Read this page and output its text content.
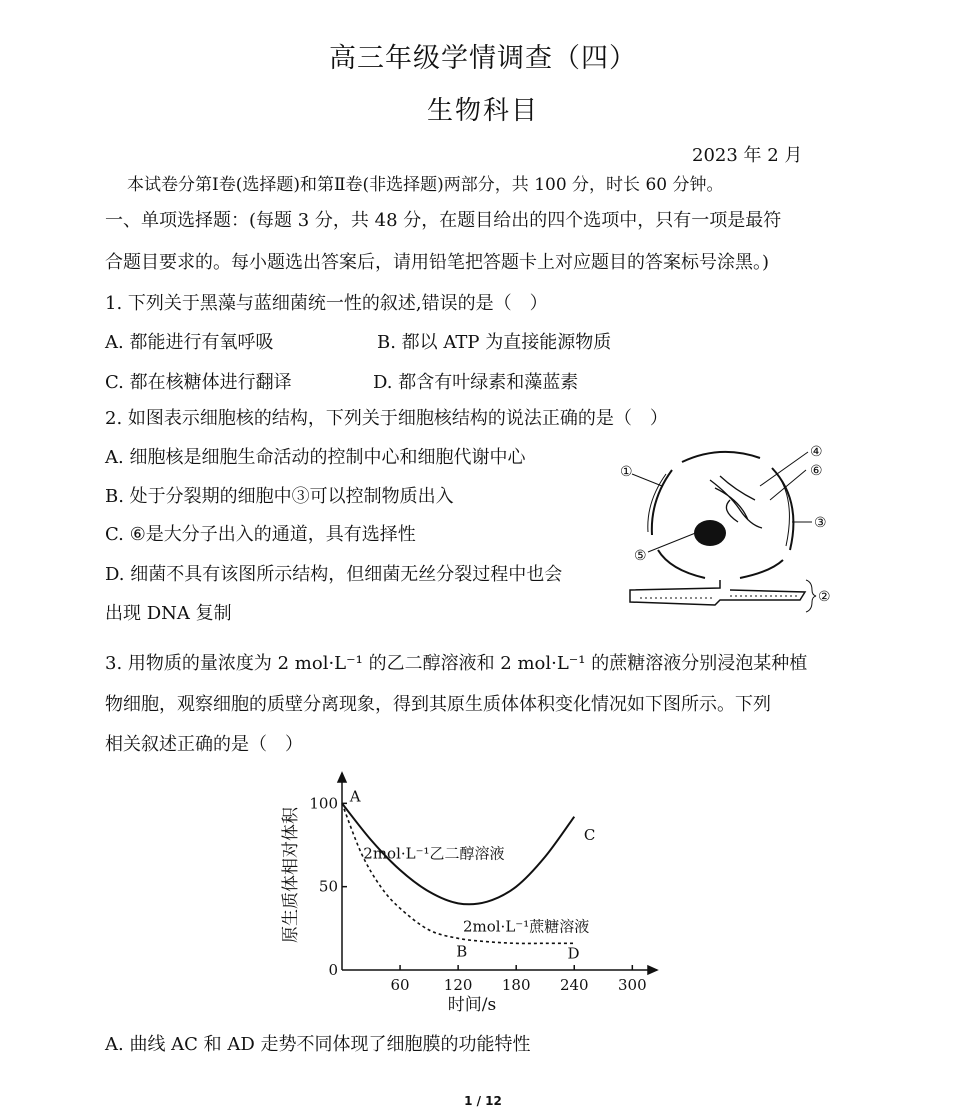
高三年级学情调查（四）
生物科目
2023 年 2 月
本试卷分第Ⅰ卷(选择题)和第Ⅱ卷(非选择题)两部分，共 100 分，时长 60 分钟。
一、单项选择题：(每题 3 分，共 48 分，在题目给出的四个选项中，只有一项是最符
合题目要求的。每小题选出答案后，请用铅笔把答题卡上对应题目的答案标号涂黑。)
1. 下列关于黑藻与蓝细菌统一性的叙述,错误的是（　）
A. 都能进行有氧呼吸	B. 都以 ATP 为直接能源物质
C. 都在核糖体进行翻译	D. 都含有叶绿素和藻蓝素
2. 如图表示细胞核的结构，下列关于细胞核结构的说法正确的是（　）
A. 细胞核是细胞生命活动的控制中心和细胞代谢中心
B. 处于分裂期的细胞中③可以控制物质出入
C. ⑥是大分子出入的通道，具有选择性
D. 细菌不具有该图所示结构，但细菌无丝分裂过程中也会
出现 DNA 复制
①
④
⑥
③
⑤
②
3. 用物质的量浓度为 2 mol·L⁻¹ 的乙二醇溶液和 2 mol·L⁻¹ 的蔗糖溶液分别浸泡某种植
物细胞，观察细胞的质壁分离现象，得到其原生质体体积变化情况如下图所示。下列
相关叙述正确的是（　）
60 120 180 240 300
0
50
100
时间/s
原生质体相对体积	2mol·L⁻¹乙二醇溶液
2mol·L⁻¹蔗糖溶液
A
B
C
D
A. 曲线 AC 和 AD 走势不同体现了细胞膜的功能特性
1 / 12
